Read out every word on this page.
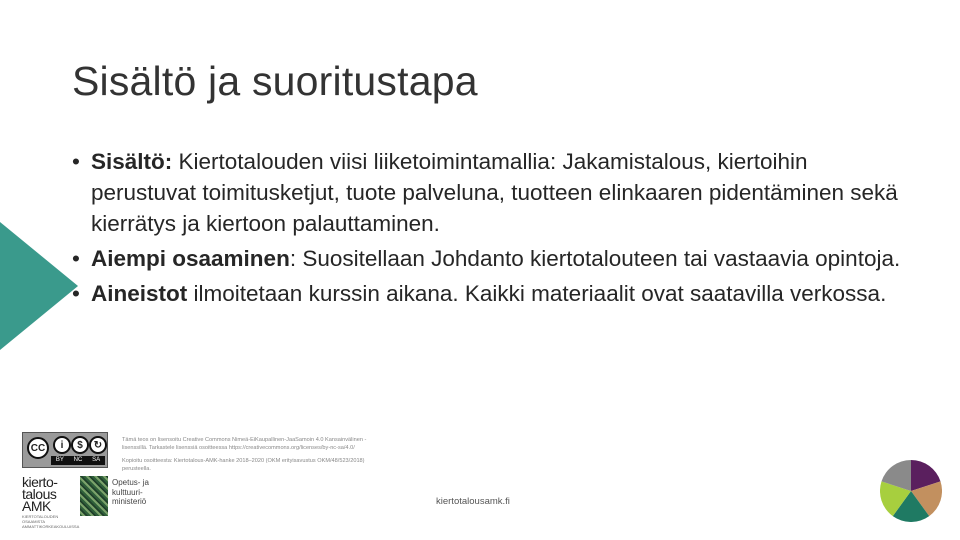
Sisältö ja suoritustapa
• Sisältö: Kiertotalouden viisi liiketoimintamallia: Jakamistalous, kiertoihin perustuvat toimitusketjut, tuote palveluna, tuotteen elinkaaren pidentäminen sekä kierrätys ja kiertoon palauttaminen.
• Aiempi osaaminen: Suositellaan Johdanto kiertotalouteen tai vastaavia opintoja.
• Aineistot ilmoitetaan kurssin aikana. Kaikki materiaalit ovat saatavilla verkossa.
CC	i	$	↻
BY NC SA

Tämä teos on lisensoitu Creative Commons Nimeä-EiKaupallinen-JaaSamoin 4.0 Kansainvälinen -lisenssillä. Tarkastele lisenssiä osoitteessa https://creativecommons.org/licenses/by-nc-sa/4.0/

Kopioitu osoitteesta: Kiertotalous-AMK-hanke 2018–2020 (OKM erityisavustus OKM/48/523/2018) perusteella.

kierto-
talous
AMK
KIERTOTALOUDEN OSAAMISTA AMMATTIKORKEAKOULUISSA
Opetus- ja
kulttuuri-
ministeriö	kiertotalousamk.fi
